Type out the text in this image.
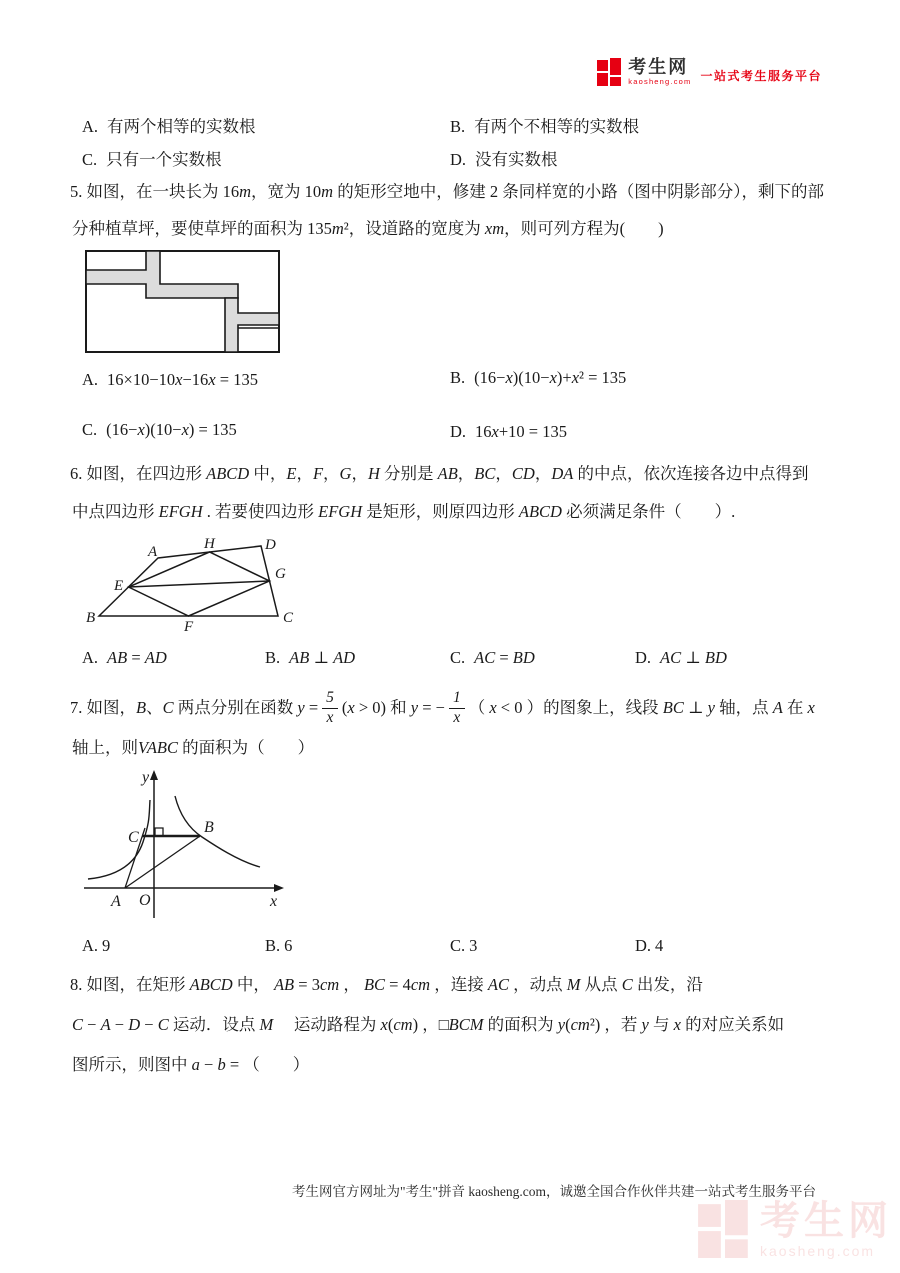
考生网
kaosheng.com 一站式考生服务平台
A. 有两个相等的实数根	B. 有两个不相等的实数根
C. 只有一个实数根	D. 没有实数根
5. 如图，在一块长为 16m，宽为 10m 的矩形空地中，修建 2 条同样宽的小路（图中阴影部分），剩下的部
分种植草坪，要使草坪的面积为 135m²，设道路的宽度为 xm，则可列方程为(　　 )
A. 16×10−10x−16x = 135	B. (16−x)(10−x)+x² = 135
C. (16−x)(10−x) = 135	D. 16x+10 = 135
6. 如图，在四边形 ABCD 中，E，F，G，H 分别是 AB，BC，CD，DA 的中点，依次连接各边中点得到
中点四边形 EFGH . 若要使四边形 EFGH 是矩形，则原四边形 ABCD 必须满足条件（　　）.
A
B	C
D
E
F
G
H
A. AB = AD	B. AB ⊥ AD	C. AC = BD	D. AC ⊥ BD
7. 如图，B、C 两点分别在函数 $y = \frac{5}{x} (x > 0)$ 和 y = − $\frac{1}{x}$ （ x < 0 ）的图象上，线段 BC ⊥ y 轴，点 A 在 x
轴上，则VABC 的面积为（　　）
y
x
O
A
B
C
A. 9	B. 6	C. 3	D. 4
8. 如图，在矩形 ABCD 中， AB = 3cm ， BC = 4cm ，连接 AC ，动点 M 从点 C 出发，沿
C − A − D − C 运动．设点 M　 运动路程为 x(cm) ，□BCM 的面积为 y(cm²) ，若 y 与 x 的对应关系如
图所示，则图中 a − b = （　　）
考生网官方网址为"考生"拼音 kaosheng.com，诚邀全国合作伙伴共建一站式考生服务平台
考生网
kaosheng.com
